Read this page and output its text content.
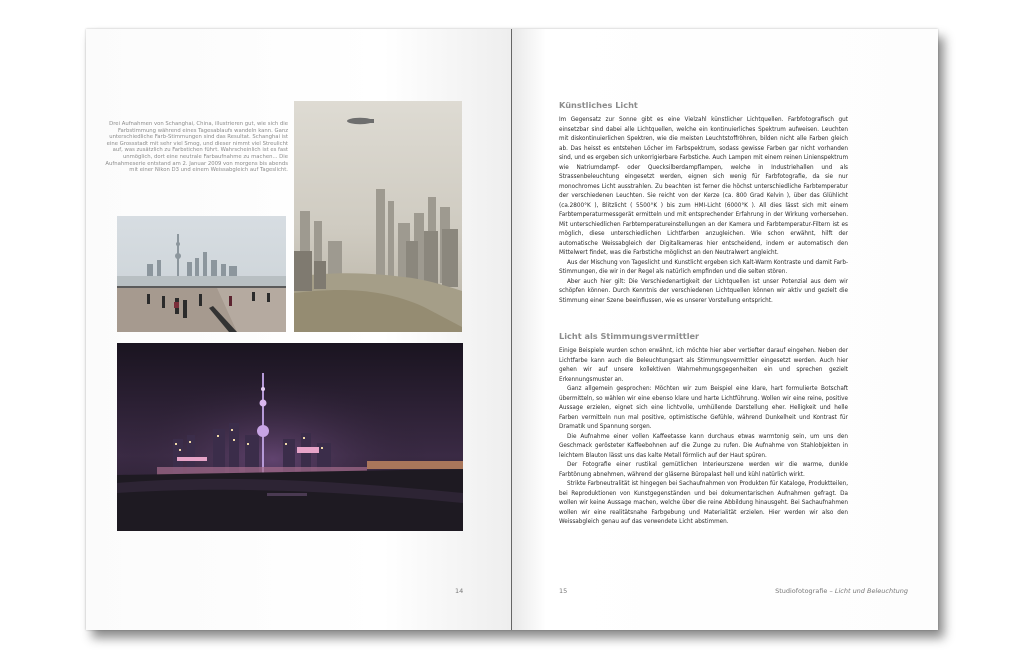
Drei Aufnahmen von Schanghai, China, illustrieren gut, wie sich die Farbstimmung während eines Tagesablaufs wandeln kann. Ganz unterschiedliche Farb-Stimmungen sind das Resultat. Schanghai ist eine Grossstadt mit sehr viel Smog, und dieser nimmt viel Streulicht auf, was zusätzlich zu Farbstichen führt. Wahrscheinlich ist es fast unmöglich, dort eine neutrale Farbaufnahme zu machen... Die Aufnahmeserie entstand am 2. Januar 2009 von morgens bis abends mit einer Nikon D3 und einem Weissabgleich auf Tageslicht.
14
Künstliches Licht

Im Gegensatz zur Sonne gibt es eine Vielzahl künstlicher Lichtquellen. Farbfotografisch gut einsetzbar sind dabei alle Lichtquellen, welche ein kontinuierliches Spektrum aufweisen. Leuchten mit diskontinuierlichen Spektren, wie die meisten Leuchtstoffröhren, bilden nicht alle Farben gleich ab. Das heisst es entstehen Löcher im Farbspektrum, sodass gewisse Farben gar nicht vorhanden sind, und es ergeben sich unkorrigierbare Farbstiche. Auch Lampen mit einem reinen Linienspektrum wie Natriumdampf- oder Quecksilberdampflampen, welche in Industriehallen und als Strassenbeleuchtung eingesetzt werden, eignen sich wenig für Farbfotografie, da sie nur monochromes Licht ausstrahlen. Zu beachten ist ferner die höchst unterschiedliche Farbtemperatur der verschiedenen Leuchten. Sie reicht von der Kerze (ca. 800 Grad Kelvin ), über das Glühlicht (ca.2800°K ), Blitzlicht ( 5500°K ) bis zum HMI-Licht (6000°K ). All dies lässt sich mit einem Farbtemperaturmessgerät ermitteln und mit entsprechender Erfahrung in der Wirkung vorhersehen. Mit unterschiedlichen Farbtemperatureinstellungen an der Kamera und Farbtemperatur-Filtern ist es möglich, diese unterschiedlichen Lichtfarben anzugleichen. Wie schon erwähnt, hilft der automatische Weissabgleich der Digitalkameras hier entscheidend, indem er automatisch den Mittelwert findet, was die Farbstiche möglichst an den Neutralwert angleicht.

Aus der Mischung von Tageslicht und Kunstlicht ergeben sich Kalt-Warm Kontraste und damit Farb-Stimmungen, die wir in der Regel als natürlich empfinden und die selten stören.

Aber auch hier gilt: Die Verschiedenartigkeit der Lichtquellen ist unser Potenzial aus dem wir schöpfen können. Durch Kenntnis der verschiedenen Lichtquellen können wir aktiv und gezielt die Stimmung einer Szene beeinflussen, wie es unserer Vorstellung entspricht.

Licht als Stimmungsvermittler

Einige Beispiele wurden schon erwähnt, ich möchte hier aber vertiefter darauf eingehen. Neben der Lichtfarbe kann auch die Beleuchtungsart als Stimmungsvermittler eingesetzt werden. Auch hier gehen wir auf unsere kollektiven Wahrnehmungsgegenheiten ein und sprechen gezielt Erkennungsmuster an.

Ganz allgemein gesprochen: Möchten wir zum Beispiel eine klare, hart formulierte Botschaft übermitteln, so wählen wir eine ebenso klare und harte Lichtführung. Wollen wir eine reine, positive Aussage erzielen, eignet sich eine lichtvolle, umhüllende Darstellung eher. Helligkeit und helle Farben vermitteln nun mal positive, optimistische Gefühle, während Dunkelheit und Kontrast für Dramatik und Spannung sorgen.

Die Aufnahme einer vollen Kaffeetasse kann durchaus etwas warmtonig sein, um uns den Geschmack gerösteter Kaffeebohnen auf die Zunge zu rufen. Die Aufnahme von Stahlobjekten in leichtem Blauton lässt uns das kalte Metall förmlich auf der Haut spüren.

Der Fotografie einer rustikal gemütlichen Interieurszene werden wir die warme, dunkle Farbtönung abnehmen, während der gläserne Büropalast hell und kühl natürlich wirkt.

Strikte Farbneutralität ist hingegen bei Sachaufnahmen von Produkten für Kataloge, Produktteilen, bei Reproduktionen von Kunstgegenständen und bei dokumentarischen Aufnahmen gefragt. Da wollen wir keine Aussage machen, welche über die reine Abbildung hinausgeht. Bei Sachaufnahmen wollen wir eine realitätsnahe Farbgebung und Materialität erzielen. Hier werden wir also den Weissabgleich genau auf das verwendete Licht abstimmen.

15	Studiofotografie – Licht und Beleuchtung
